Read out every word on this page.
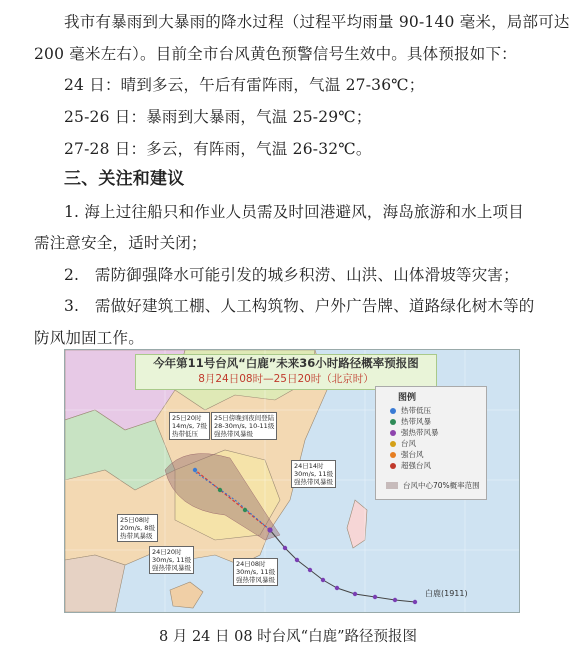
我市有暴雨到大暴雨的降水过程（过程平均雨量 90-140 毫米，局部可达
200 毫米左右）。目前全市台风黄色预警信号生效中。具体预报如下：
24 日：晴到多云，午后有雷阵雨，气温 27-36℃；
25-26 日：暴雨到大暴雨，气温 25-29℃；
27-28 日：多云，有阵雨，气温 26-32℃。
三、关注和建议
1. 海上过往船只和作业人员需及时回港避风，海岛旅游和水上项目
需注意安全，适时关闭；
2.　需防御强降水可能引发的城乡积涝、山洪、山体滑坡等灾害；
3.　需做好建筑工棚、人工构筑物、户外广告牌、道路绿化树木等的
防风加固工作。
今年第11号台风“白鹿”未来36小时路径概率预报图
8月24日08时—25日20时（北京时）
图例
热带低压
热带风暴
强热带风暴
台风
强台风
超强台风
台风中心70%概率范围
25日20时
14m/s, 7级
热带低压
25日傍晚到夜间登陆
28-30m/s, 10-11级
强热带风暴级
24日14时
30m/s, 11级
强热带风暴级
25日08时
20m/s, 8级
热带风暴级
24日20时
30m/s, 11级
强热带风暴级	24日08时
30m/s, 11级
强热带风暴级
白鹿(1911)
8 月 24 日 08 时台风“白鹿”路径预报图
